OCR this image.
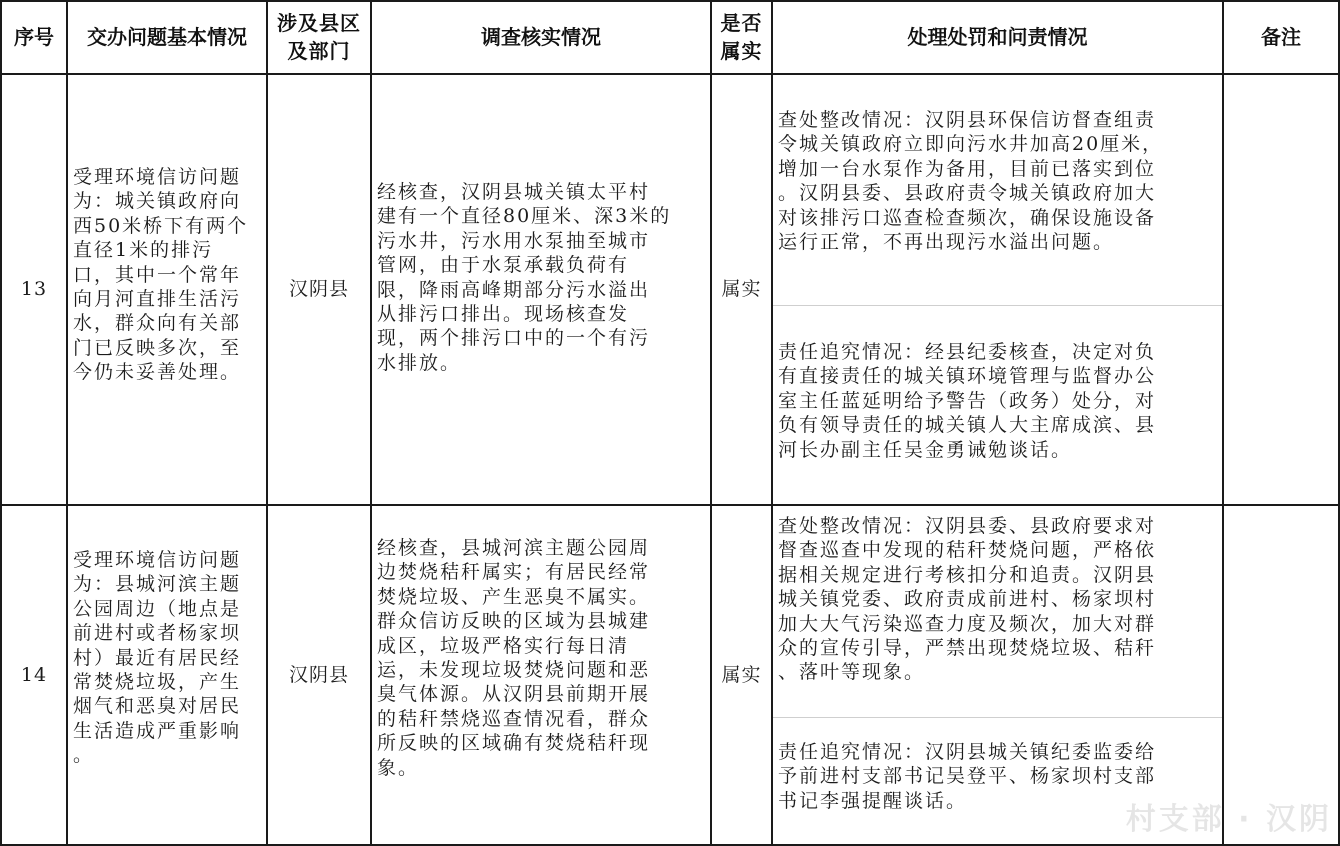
序号	交办问题基本情况
涉及县区
及部门
调查核实情况
是否
属实
处理处罚和问责情况	备注
13
受理环境信访问题
为：城关镇政府向
西50米桥下有两个
直径1米的排污
口，其中一个常年
向月河直排生活污
水，群众向有关部
门已反映多次，至
今仍未妥善处理。
汉阴县
经核查，汉阴县城关镇太平村
建有一个直径80厘米、深3米的
污水井，污水用水泵抽至城市
管网，由于水泵承载负荷有
限，降雨高峰期部分污水溢出
从排污口排出。现场核查发
现，两个排污口中的一个有污
水排放。
属实
查处整改情况：汉阴县环保信访督查组责
令城关镇政府立即向污水井加高20厘米，
增加一台水泵作为备用，目前已落实到位
。汉阴县委、县政府责令城关镇政府加大
对该排污口巡查检查频次，确保设施设备
运行正常，不再出现污水溢出问题。
责任追究情况：经县纪委核查，决定对负
有直接责任的城关镇环境管理与监督办公
室主任蓝延明给予警告（政务）处分，对
负有领导责任的城关镇人大主席成滨、县
河长办副主任吴金勇诫勉谈话。
14
受理环境信访问题
为：县城河滨主题
公园周边（地点是
前进村或者杨家坝
村）最近有居民经
常焚烧垃圾，产生
烟气和恶臭对居民
生活造成严重影响
。
汉阴县
经核查，县城河滨主题公园周
边焚烧秸秆属实；有居民经常
焚烧垃圾、产生恶臭不属实。
群众信访反映的区域为县城建
成区，垃圾严格实行每日清
运，未发现垃圾焚烧问题和恶
臭气体源。从汉阴县前期开展
的秸秆禁烧巡查情况看，群众
所反映的区域确有焚烧秸秆现
象。
属实
查处整改情况：汉阴县委、县政府要求对
督查巡查中发现的秸秆焚烧问题，严格依
据相关规定进行考核扣分和追责。汉阴县
城关镇党委、政府责成前进村、杨家坝村
加大大气污染巡查力度及频次，加大对群
众的宣传引导，严禁出现焚烧垃圾、秸秆
、落叶等现象。
责任追究情况：汉阴县城关镇纪委监委给
予前进村支部书记吴登平、杨家坝村支部
书记李强提醒谈话。
村支部 · 汉阴
